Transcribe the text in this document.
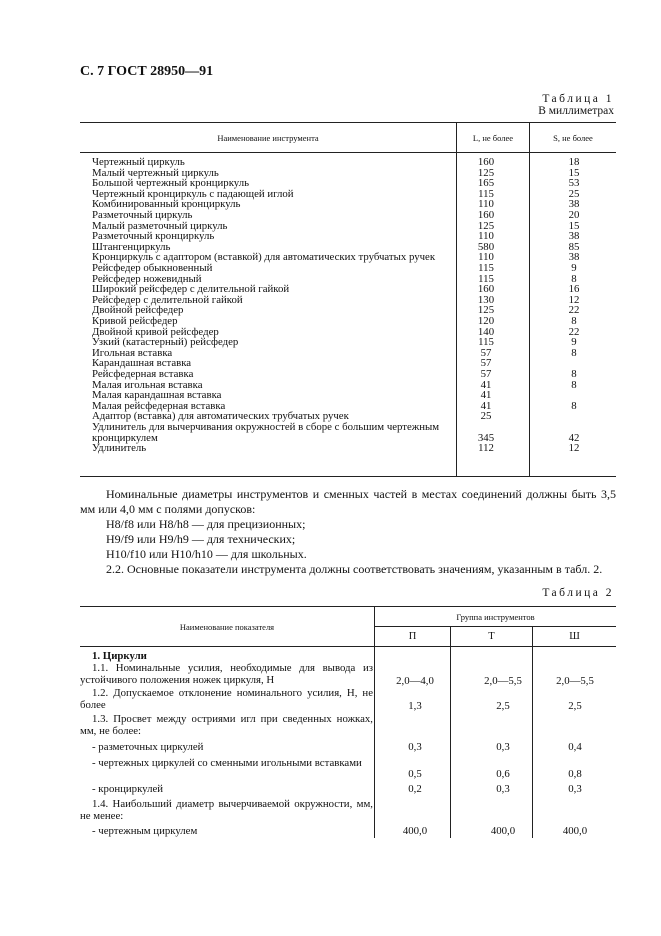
С. 7 ГОСТ 28950—91
Таблица 1
В миллиметрах
Наименование инструмента	L, не более	S, не более
Чертежный циркуль	160	18
Малый чертежный циркуль	125	15
Большой чертежный кронциркуль	165	53
Чертежный кронциркуль с падающей иглой	115	25
Комбинированный кронциркуль	110	38
Разметочный циркуль	160	20
Малый разметочный циркуль	125	15
Разметочный кронциркуль	110	38
Штангенциркуль	580	85
Кронциркуль с адаптором (вставкой) для автоматических трубчатых ручек	110	38
Рейсфедер обыкновенный	115	9
Рейсфедер ножевидный	115	8
Широкий рейсфедер с делительной гайкой	160	16
Рейсфедер с делительной гайкой	130	12
Двойной рейсфедер	125	22
Кривой рейсфедер	120	8
Двойной кривой рейсфедер	140	22
Узкий (катастерный) рейсфедер	115	9
Игольная вставка	57	8
Карандашная вставка	57
Рейсфедерная вставка	57	8
Малая игольная вставка	41	8
Малая карандашная вставка	41
Малая рейсфедерная вставка	41	8
Адаптор (вставка) для автоматических трубчатых ручек	25
Удлинитель для вычерчивания окружностей в сборе с большим чертежным
кронциркулем	345	42
Удлинитель	112	12
Номинальные диаметры инструментов и сменных частей в местах соединений должны быть 3,5 мм или 4,0 мм с полями допусков:
Н8/f8 или Н8/h8 — для прецизионных;
Н9/f9 или Н9/h9 — для технических;
Н10/f10 или Н10/h10 — для школьных.
2.2. Основные показатели инструмента должны соответствовать значениям, указанным в табл. 2.
Таблица 2
Наименование показателя
Группа инструментов
П	Т	Ш
1. Циркули
1.1. Номинальные усилия, необходимые для вывода из устойчивого положения ножек циркуля, Н	2,0—4,0	2,0—5,5	2,0—5,5
1.2. Допускаемое отклонение номинального усилия, Н, не более	1,3	2,5	2,5
1.3. Просвет между остриями игл при сведенных ножках, мм, не более:
- разметочных циркулей	0,3	0,3	0,4
- чертежных циркулей со сменными игольными вставками
0,5	0,6	0,8
- кронциркулей	0,2	0,3	0,3
1.4. Наибольший диаметр вычерчиваемой окружности, мм, не менее:
- чертежным циркулем	400,0	400,0	400,0
